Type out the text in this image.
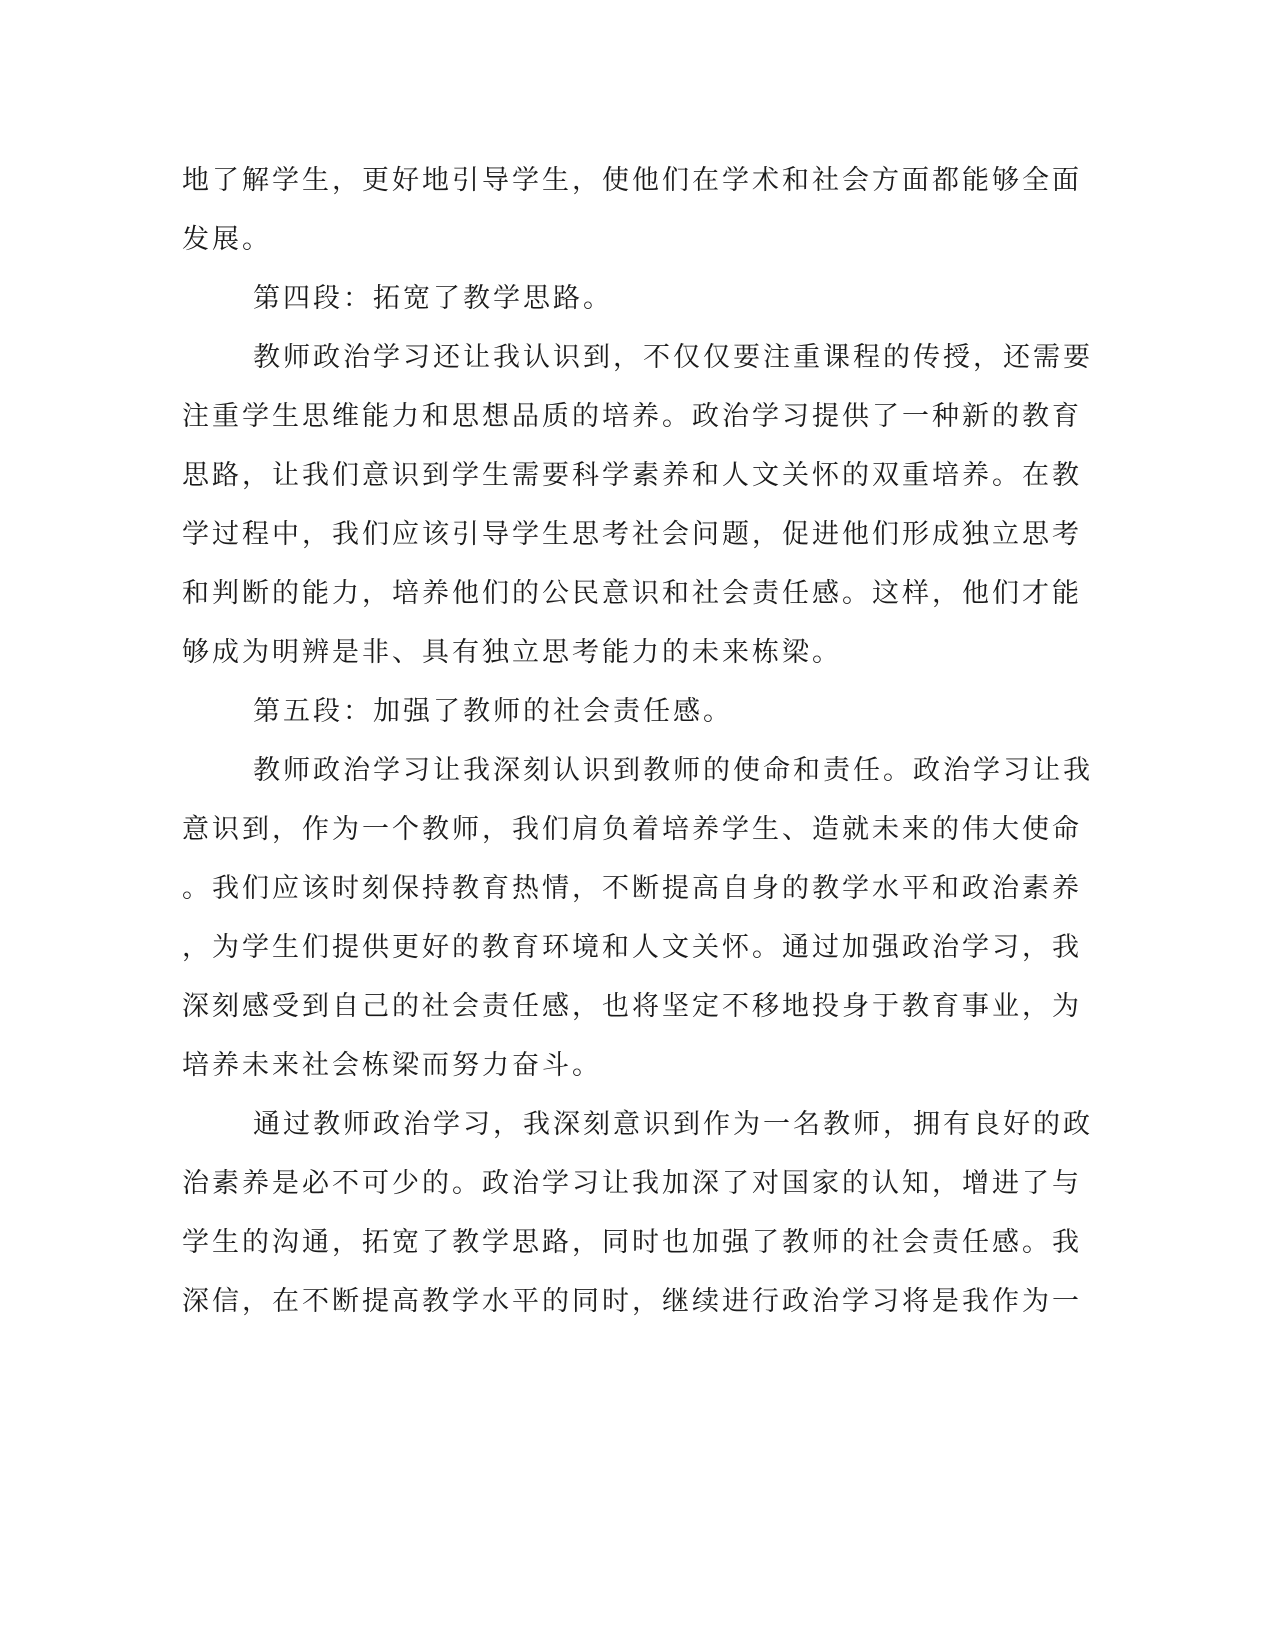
地了解学生，更好地引导学生，使他们在学术和社会方面都能够全面
发展。
第四段：拓宽了教学思路。
教师政治学习还让我认识到，不仅仅要注重课程的传授，还需要
注重学生思维能力和思想品质的培养。政治学习提供了一种新的教育
思路，让我们意识到学生需要科学素养和人文关怀的双重培养。在教
学过程中，我们应该引导学生思考社会问题，促进他们形成独立思考
和判断的能力，培养他们的公民意识和社会责任感。这样，他们才能
够成为明辨是非、具有独立思考能力的未来栋梁。
第五段：加强了教师的社会责任感。
教师政治学习让我深刻认识到教师的使命和责任。政治学习让我
意识到，作为一个教师，我们肩负着培养学生、造就未来的伟大使命
。我们应该时刻保持教育热情，不断提高自身的教学水平和政治素养
，为学生们提供更好的教育环境和人文关怀。通过加强政治学习，我
深刻感受到自己的社会责任感，也将坚定不移地投身于教育事业，为
培养未来社会栋梁而努力奋斗。
通过教师政治学习，我深刻意识到作为一名教师，拥有良好的政
治素养是必不可少的。政治学习让我加深了对国家的认知，增进了与
学生的沟通，拓宽了教学思路，同时也加强了教师的社会责任感。我
深信，在不断提高教学水平的同时，继续进行政治学习将是我作为一
